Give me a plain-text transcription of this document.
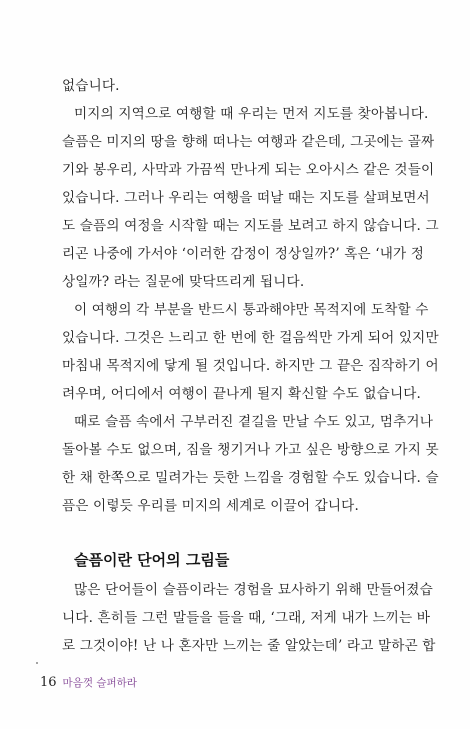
없습니다.
미지의 지역으로 여행할 때 우리는 먼저 지도를 찾아봅니다.
슬픔은 미지의 땅을 향해 떠나는 여행과 같은데, 그곳에는 골짜
기와 봉우리, 사막과 가끔씩 만나게 되는 오아시스 같은 것들이
있습니다. 그러나 우리는 여행을 떠날 때는 지도를 살펴보면서
도 슬픔의 여정을 시작할 때는 지도를 보려고 하지 않습니다. 그
리곤 나중에 가서야 ‘이러한 감정이 정상일까?’ 혹은 ‘내가 정
상일까? 라는 질문에 맞닥뜨리게 됩니다.
이 여행의 각 부분을 반드시 통과해야만 목적지에 도착할 수
있습니다. 그것은 느리고 한 번에 한 걸음씩만 가게 되어 있지만
마침내 목적지에 닿게 될 것입니다. 하지만 그 끝은 짐작하기 어
려우며, 어디에서 여행이 끝나게 될지 확신할 수도 없습니다.
때로 슬픔 속에서 구부러진 곁길을 만날 수도 있고, 멈추거나
돌아볼 수도 없으며, 짐을 챙기거나 가고 싶은 방향으로 가지 못
한 채 한쪽으로 밀려가는 듯한 느낌을 경험할 수도 있습니다. 슬
픔은 이렇듯 우리를 미지의 세계로 이끌어 갑니다.
슬픔이란 단어의 그림들
많은 단어들이 슬픔이라는 경험을 묘사하기 위해 만들어졌습
니다. 흔히들 그런 말들을 들을 때, ‘그래, 저게 내가 느끼는 바
로 그것이야! 난 나 혼자만 느끼는 줄 알았는데’ 라고 말하곤 합
16 마음껏 슬퍼하라
